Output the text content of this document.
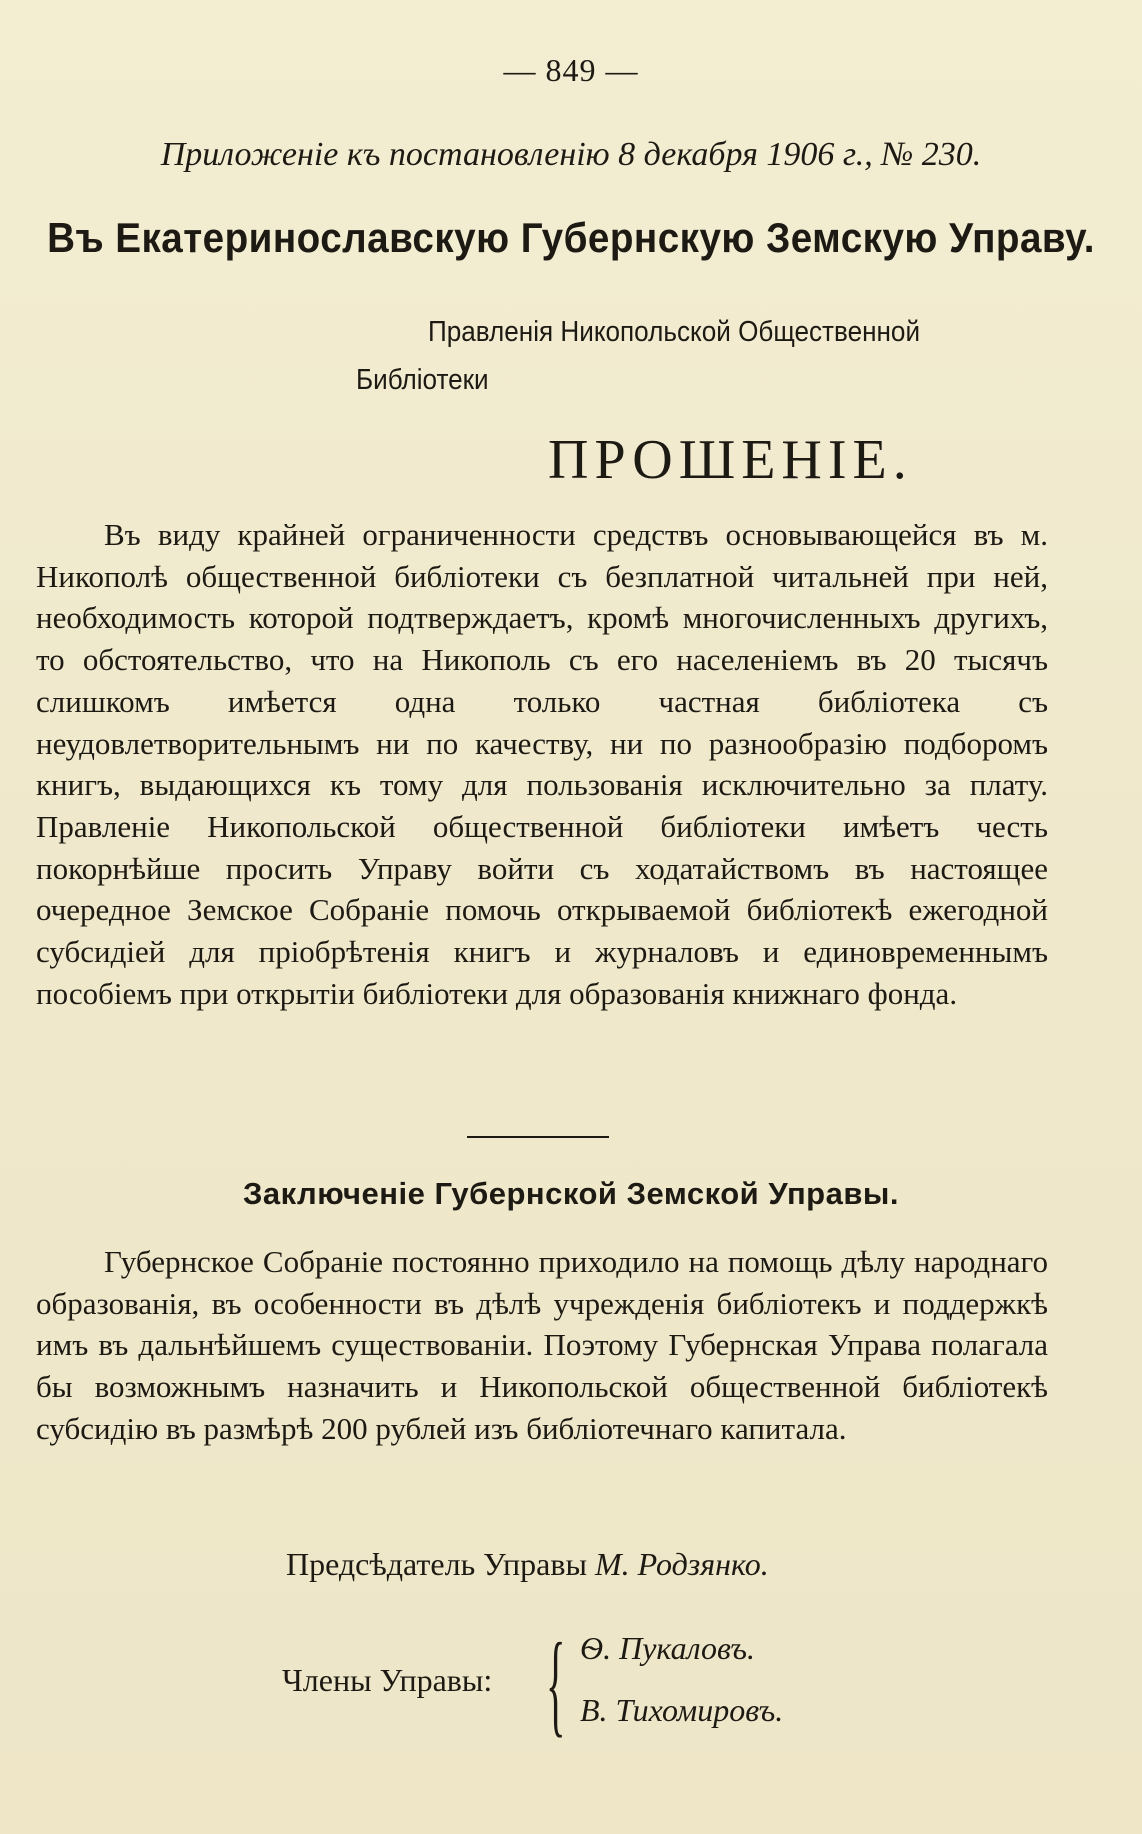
— 849 —
Приложеніе къ постановленію 8 декабря 1906 г., № 230.
Въ Екатеринославскую Губернскую Земскую Управу.
Правленія Никопольской Общественной
Библіотеки
ПРОШЕНІЕ.

Въ виду крайней ограниченности средствъ основывающейся въ м. Никополѣ общественной библіотеки съ безплатной читальней при ней, необходимость которой подтверждаетъ, кромѣ многочисленныхъ другихъ, то обстоятельство, что на Никополь съ его населеніемъ въ 20 тысячъ слишкомъ имѣется одна только частная библіотека съ неудовлетворительнымъ ни по качеству, ни по разнообразію подборомъ книгъ, выдающихся къ тому для пользованія исключительно за плату. Правленіе Никопольской общественной библіотеки имѣетъ честь покорнѣйше просить Управу войти съ ходатайствомъ въ настоящее очередное Земское Собраніе помочь открываемой библіотекѣ ежегодной субсидіей для пріобрѣтенія книгъ и журналовъ и единовременнымъ пособіемъ при открытіи библіотеки для образованія книжнаго фонда.

Заключеніе Губернской Земской Управы.

Губернское Собраніе постоянно приходило на помощь дѣлу народнаго образованія, въ особенности въ дѣлѣ учрежденія библіотекъ и поддержкѣ имъ въ дальнѣйшемъ существованіи. Поэтому Губернская Управа полагала бы возможнымъ назначить и Никопольской общественной библіотекѣ субсидію въ размѣрѣ 200 рублей изъ библіотечнаго капитала.

Предсѣдатель Управы М. Родзянко.
Члены Управы: { Ѳ. Пукаловъ.
В. Тихомировъ.
